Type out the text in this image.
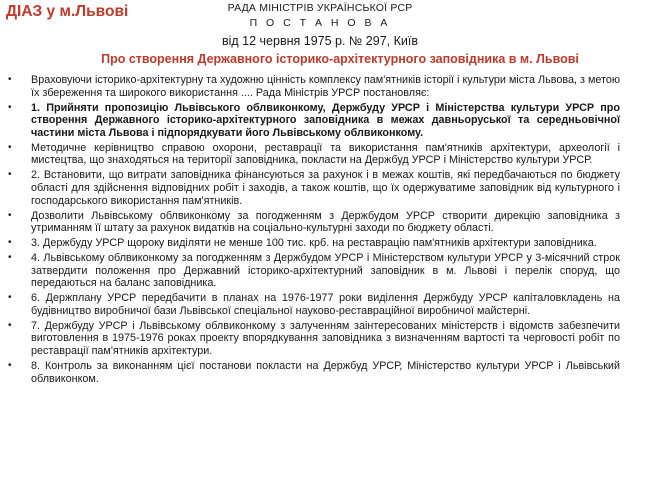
ДІАЗ у м.Львові	РАДА МІНІСТРІВ УКРАЇНСЬКОЇ РСР
П О С Т А Н О В А
від 12 червня 1975 р. № 297, Київ
Про створення Державного історико-архітектурного заповідника в м. Львові
• Враховуючи історико-архітектурну та художню цінність комплексу пам'ятників історії і культури міста Львова, з метою їх збереження та широкого використання .... Рада Міністрів УРСР постановляє:
• 1. Прийняти пропозицію Львівського облвиконкому, Держбуду УРСР і Міністерства культури УРСР про створення Державного історико-архітектурного заповідника в межах давньоруської та середньовічної частини міста Львова і підпорядкувати його Львівському облвиконкому.
• Методичне керівництво справою охорони, реставрації та використання пам'ятників архітектури, археології і мистецтва, що знаходяться на території заповідника, покласти на Держбуд УРСР і Міністерство культури УРСР.
• 2. Встановити, що витрати заповідника фінансуються за рахунок і в межах коштів, які передбачаються по бюджету області для здійснення відповідних робіт і заходів, а також коштів, що їх одержуватиме заповідник від культурного і господарського використання пам'ятників.
• Дозволити Львівському облвиконкому за погодженням з Держбудом УРСР створити дирекцію заповідника з утриманням її штату за рахунок видатків на соціально-культурні заходи по бюджету області.
• 3. Держбуду УРСР щороку виділяти не менше 100 тис. крб. на реставрацію пам'ятників архітектури заповідника.
• 4. Львівському облвиконкому за погодженням з Держбудом УРСР і Міністерством культури УРСР у 3-місячний строк затвердити положення про Державний історико-архітектурний заповідник в м. Львові і перелік споруд, що передаються на баланс заповідника.
• 6. Держплану УРСР передбачити в планах на 1976-1977 роки виділення Держбуду УРСР капіталовкладень на будівництво виробничої бази Львівської спеціальної науково-реставраційної виробничої майстерні.
• 7. Держбуду УРСР і Львівському облвиконкому з залученням заінтересованих міністерств і відомств забезпечити виготовлення в 1975-1976 роках проекту впорядкування заповідника з визначенням вартості та черговості робіт по реставрації пам'ятників архітектури.
• 8. Контроль за виконанням цієї постанови покласти на Держбуд УРСР, Міністерство культури УРСР і Львівський облвиконком.
